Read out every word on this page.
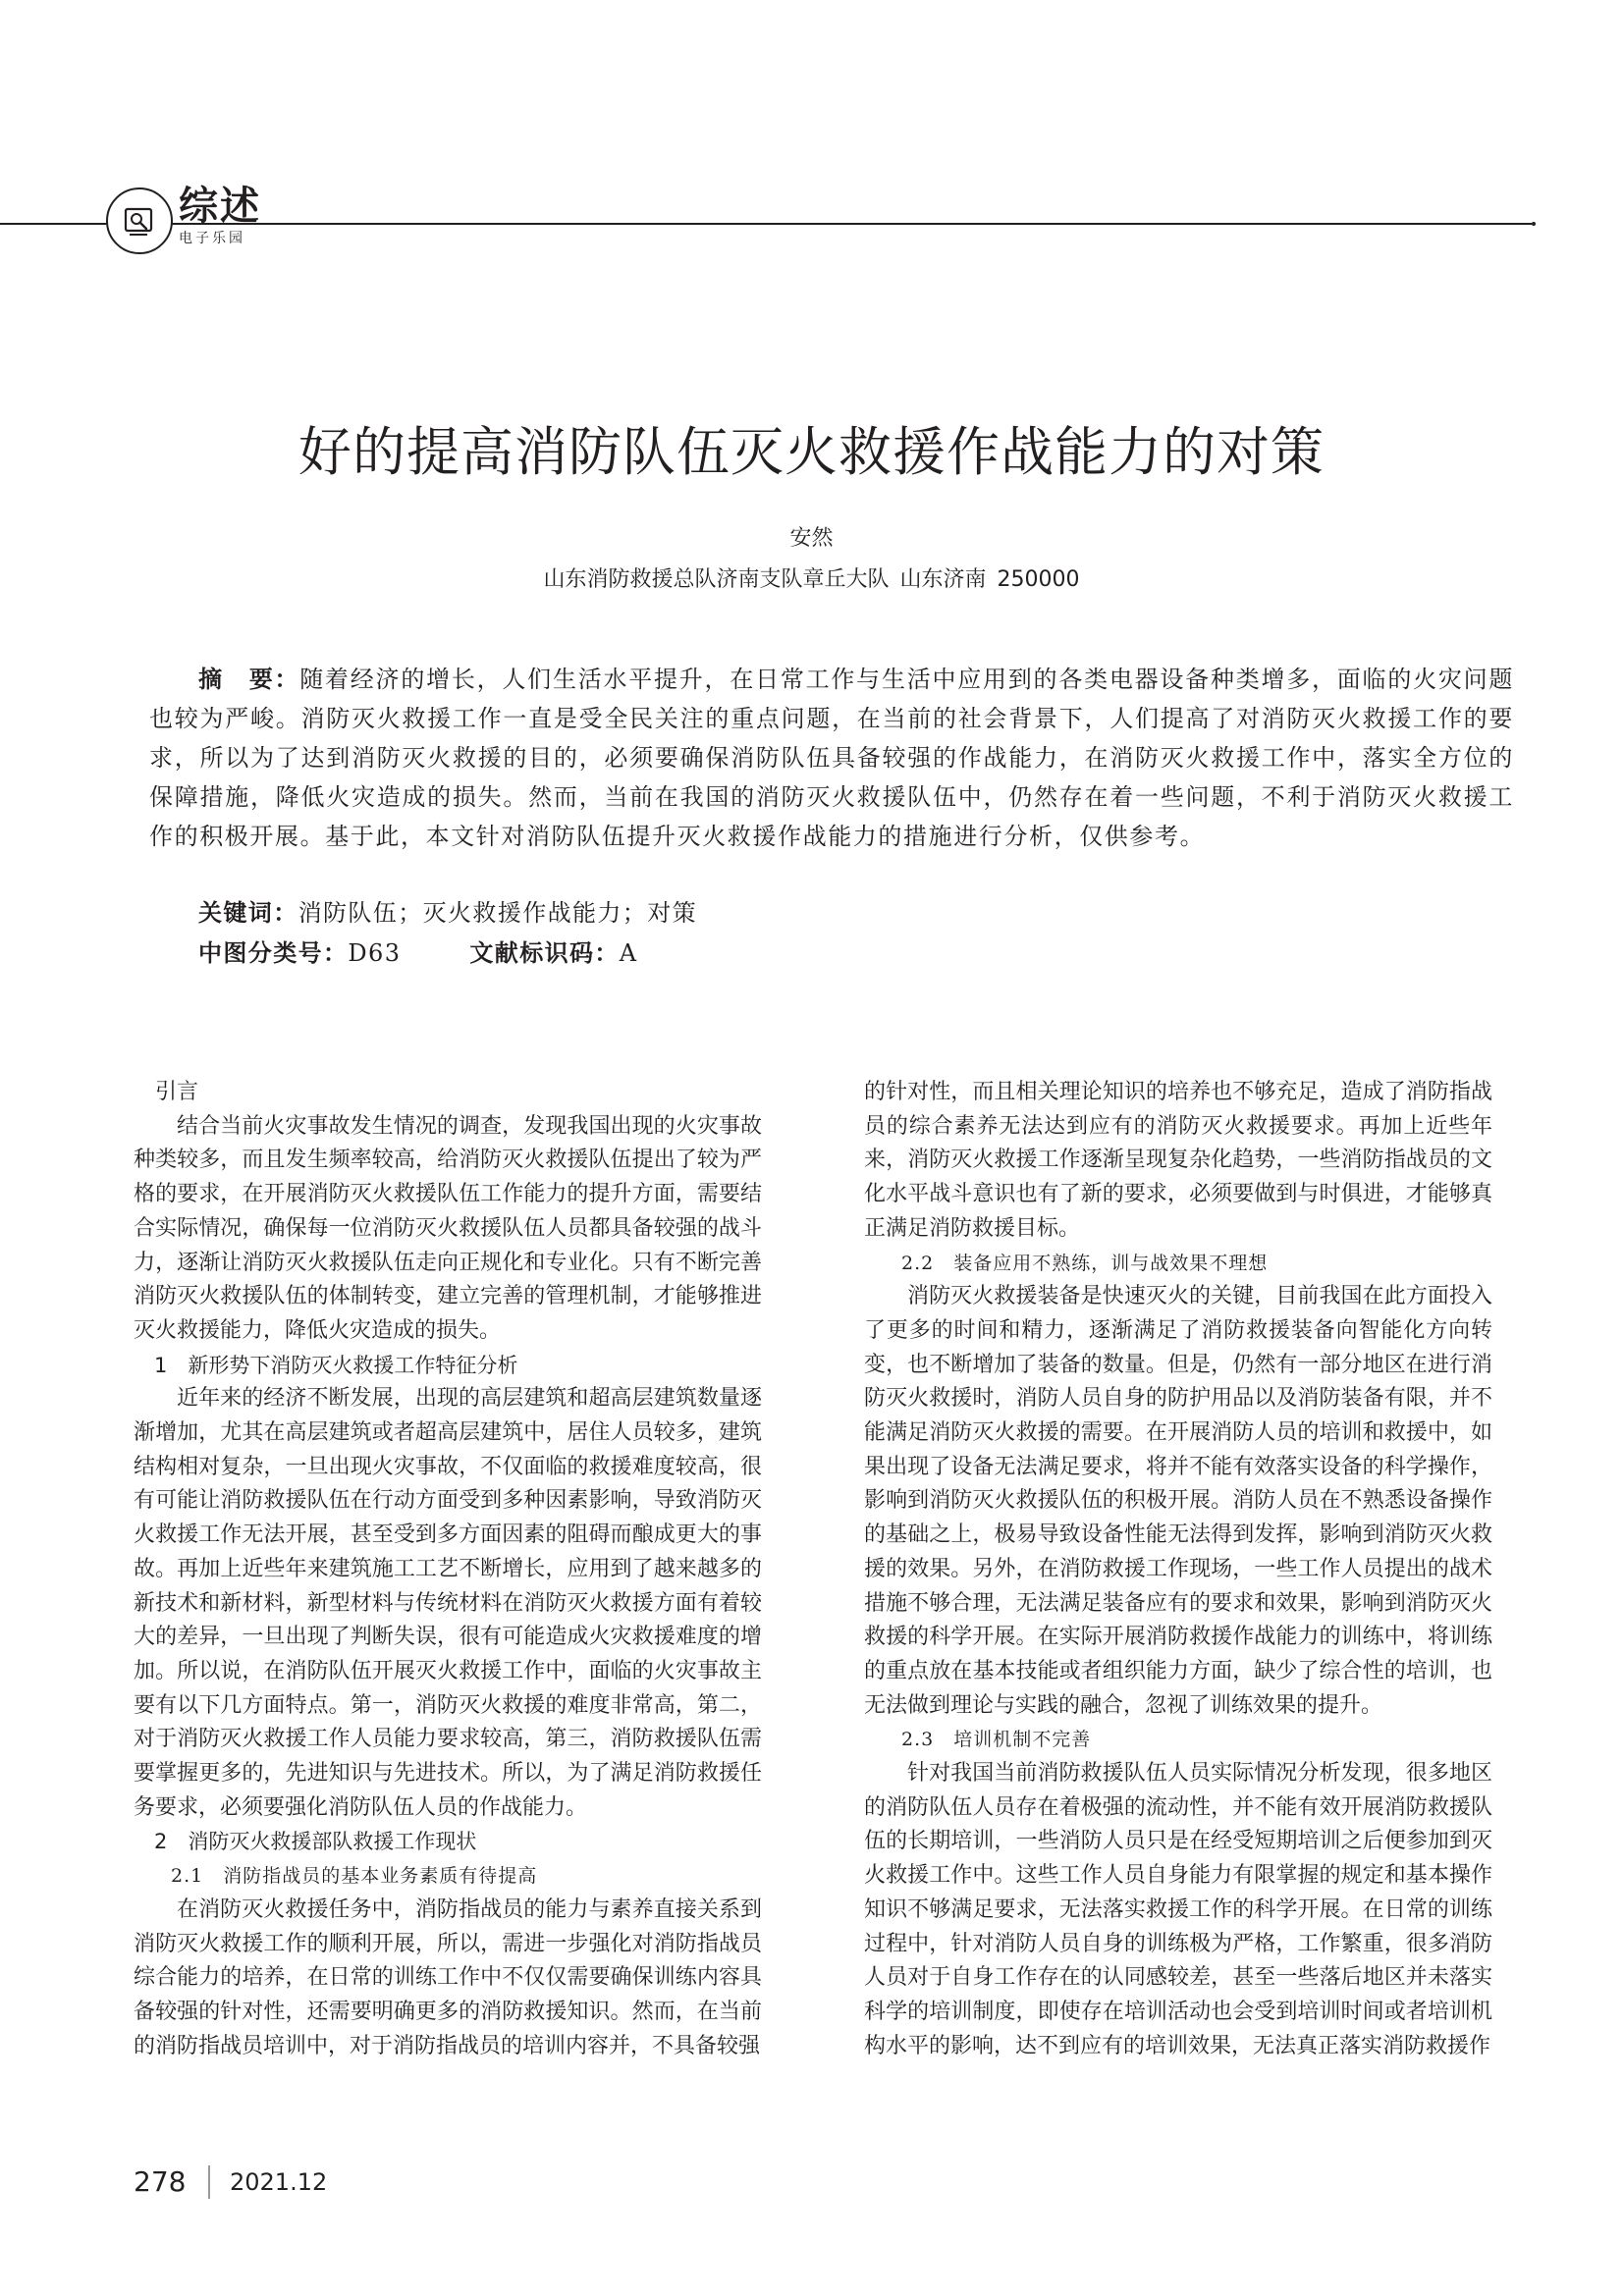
综述
电子乐园
好的提高消防队伍灭火救援作战能力的对策
安然
山东消防救援总队济南支队章丘大队 山东济南 250000
摘　要：随着经济的增长，人们生活水平提升，在日常工作与生活中应用到的各类电器设备种类增多，面临的火灾问题也较为严峻。消防灭火救援工作一直是受全民关注的重点问题，在当前的社会背景下，人们提高了对消防灭火救援工作的要求，所以为了达到消防灭火救援的目的，必须要确保消防队伍具备较强的作战能力，在消防灭火救援工作中，落实全方位的保障措施，降低火灾造成的损失。然而，当前在我国的消防灭火救援队伍中，仍然存在着一些问题，不利于消防灭火救援工作的积极开展。基于此，本文针对消防队伍提升灭火救援作战能力的措施进行分析，仅供参考。
关键词：消防队伍；灭火救援作战能力；对策
中图分类号：D63	文献标识码：A

引言

结合当前火灾事故发生情况的调查，发现我国出现的火灾事故种类较多，而且发生频率较高，给消防灭火救援队伍提出了较为严格的要求，在开展消防灭火救援队伍工作能力的提升方面，需要结合实际情况，确保每一位消防灭火救援队伍人员都具备较强的战斗力，逐渐让消防灭火救援队伍走向正规化和专业化。只有不断完善消防灭火救援队伍的体制转变，建立完善的管理机制，才能够推进灭火救援能力，降低火灾造成的损失。

1　新形势下消防灭火救援工作特征分析

近年来的经济不断发展，出现的高层建筑和超高层建筑数量逐渐增加，尤其在高层建筑或者超高层建筑中，居住人员较多，建筑结构相对复杂，一旦出现火灾事故，不仅面临的救援难度较高，很有可能让消防救援队伍在行动方面受到多种因素影响，导致消防灭火救援工作无法开展，甚至受到多方面因素的阻碍而酿成更大的事故。再加上近些年来建筑施工工艺不断增长，应用到了越来越多的新技术和新材料，新型材料与传统材料在消防灭火救援方面有着较大的差异，一旦出现了判断失误，很有可能造成火灾救援难度的增加。所以说，在消防队伍开展灭火救援工作中，面临的火灾事故主要有以下几方面特点。第一，消防灭火救援的难度非常高，第二，对于消防灭火救援工作人员能力要求较高，第三，消防救援队伍需要掌握更多的，先进知识与先进技术。所以，为了满足消防救援任务要求，必须要强化消防队伍人员的作战能力。

2　消防灭火救援部队救援工作现状

2.1　消防指战员的基本业务素质有待提高

在消防灭火救援任务中，消防指战员的能力与素养直接关系到消防灭火救援工作的顺利开展，所以，需进一步强化对消防指战员综合能力的培养，在日常的训练工作中不仅仅需要确保训练内容具备较强的针对性，还需要明确更多的消防救援知识。然而，在当前的消防指战员培训中，对于消防指战员的培训内容并，不具备较强

的针对性，而且相关理论知识的培养也不够充足，造成了消防指战员的综合素养无法达到应有的消防灭火救援要求。再加上近些年来，消防灭火救援工作逐渐呈现复杂化趋势，一些消防指战员的文化水平战斗意识也有了新的要求，必须要做到与时俱进，才能够真正满足消防救援目标。

2.2　装备应用不熟练，训与战效果不理想

消防灭火救援装备是快速灭火的关键，目前我国在此方面投入了更多的时间和精力，逐渐满足了消防救援装备向智能化方向转变，也不断增加了装备的数量。但是，仍然有一部分地区在进行消防灭火救援时，消防人员自身的防护用品以及消防装备有限，并不能满足消防灭火救援的需要。在开展消防人员的培训和救援中，如果出现了设备无法满足要求，将并不能有效落实设备的科学操作，影响到消防灭火救援队伍的积极开展。消防人员在不熟悉设备操作的基础之上，极易导致设备性能无法得到发挥，影响到消防灭火救援的效果。另外，在消防救援工作现场，一些工作人员提出的战术措施不够合理，无法满足装备应有的要求和效果，影响到消防灭火救援的科学开展。在实际开展消防救援作战能力的训练中，将训练的重点放在基本技能或者组织能力方面，缺少了综合性的培训，也无法做到理论与实践的融合，忽视了训练效果的提升。

2.3　培训机制不完善

针对我国当前消防救援队伍人员实际情况分析发现，很多地区的消防队伍人员存在着极强的流动性，并不能有效开展消防救援队伍的长期培训，一些消防人员只是在经受短期培训之后便参加到灭火救援工作中。这些工作人员自身能力有限掌握的规定和基本操作知识不够满足要求，无法落实救援工作的科学开展。在日常的训练过程中，针对消防人员自身的训练极为严格，工作繁重，很多消防人员对于自身工作存在的认同感较差，甚至一些落后地区并未落实科学的培训制度，即使存在培训活动也会受到培训时间或者培训机构水平的影响，达不到应有的培训效果，无法真正落实消防救援作

278 2021.12
